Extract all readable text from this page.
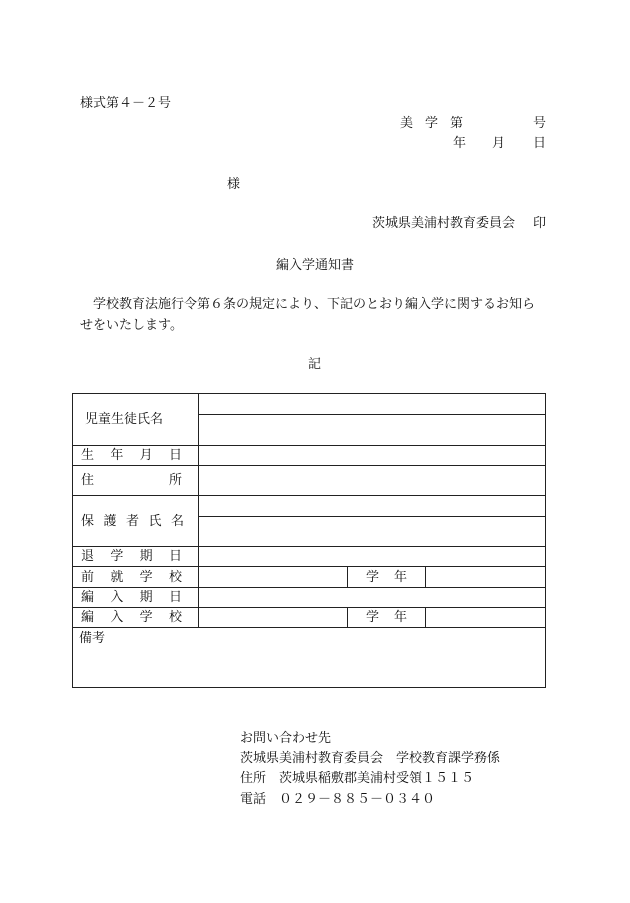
様式第４－２号
美 学 第	号
年 月 日
様
茨城県美浦村教育委員会 印
編入学通知書
学校教育法施行令第６条の規定により、下記のとおり編入学に関するお知ら
せをいたします。
記
児童生徒氏名			

生 年 月 日			

住 所			

保 護 者 氏 名			

退 学 期 日			

前 就 学 校		学 年	

編 入 期 日			

編 入 学 校		学 年	

備考			
お問い合わせ先
茨城県美浦村教育委員会　学校教育課学務係
住所　茨城県稲敷郡美浦村受領１５１５
電話　０２９－８８５－０３４０
